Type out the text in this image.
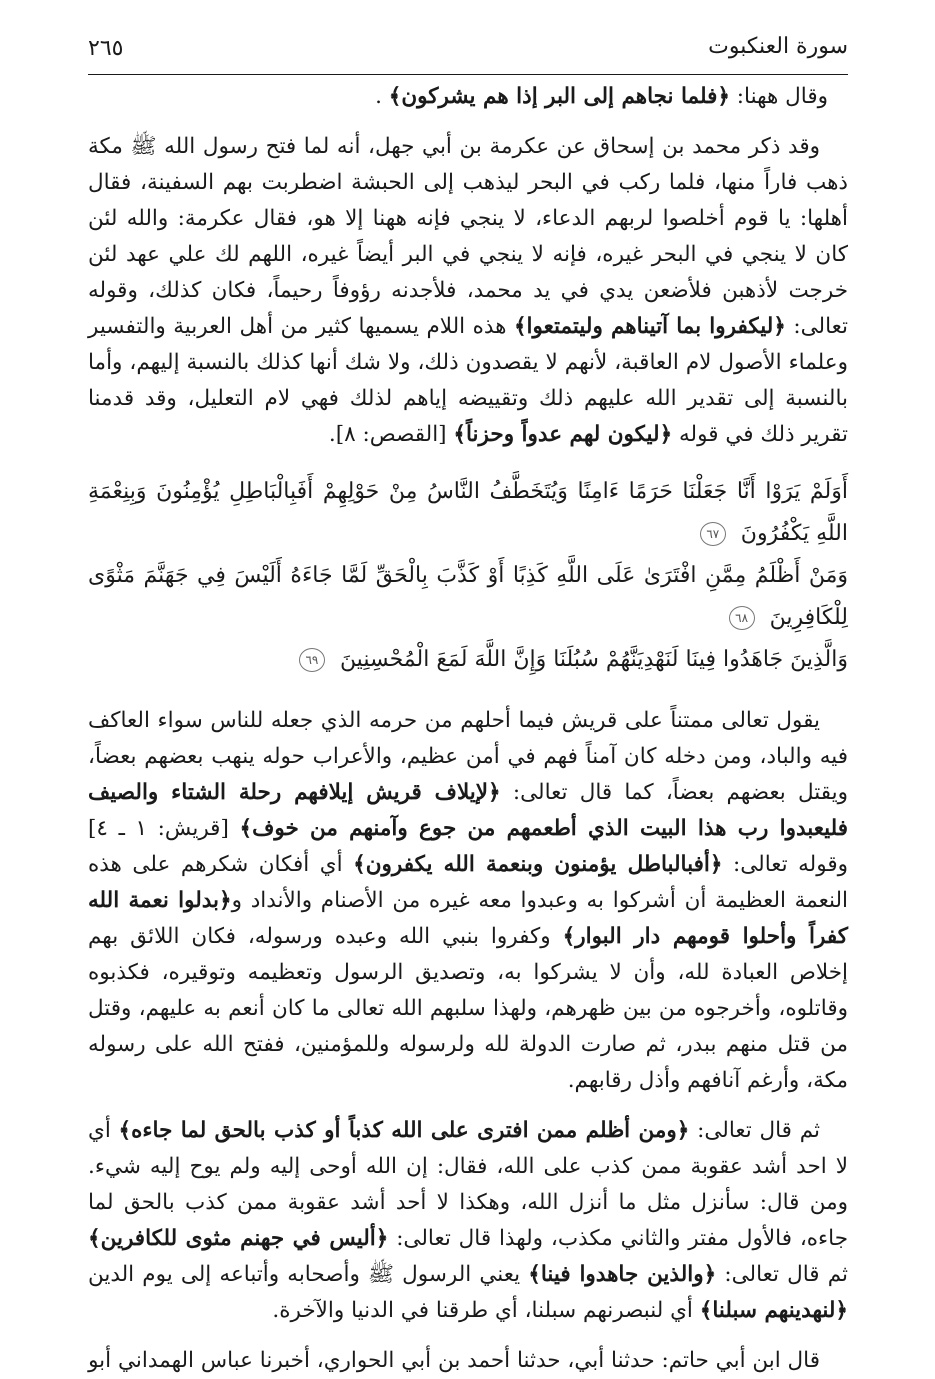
سورة العنكبوت
٢٦٥

وقال ههنا: ﴿فلما نجاهم إلى البر إذا هم يشركون﴾ .

وقد ذكر محمد بن إسحاق عن عكرمة بن أبي جهل، أنه لما فتح رسول الله ﷺ مكة ذهب فاراً منها، فلما ركب في البحر ليذهب إلى الحبشة اضطربت بهم السفينة، فقال أهلها: يا قوم أخلصوا لربهم الدعاء، لا ينجي فإنه ههنا إلا هو، فقال عكرمة: والله لئن كان لا ينجي في البحر غيره، فإنه لا ينجي في البر أيضاً غيره، اللهم لك علي عهد لئن خرجت لأذهبن فلأضعن يدي في يد محمد، فلأجدنه رؤوفاً رحيماً، فكان كذلك، وقوله تعالى: ﴿ليكفروا بما آتيناهم وليتمتعوا﴾ هذه اللام يسميها كثير من أهل العربية والتفسير وعلماء الأصول لام العاقبة، لأنهم لا يقصدون ذلك، ولا شك أنها كذلك بالنسبة إليهم، وأما بالنسبة إلى تقدير الله عليهم ذلك وتقييضه إياهم لذلك فهي لام التعليل، وقد قدمنا تقرير ذلك في قوله ﴿ليكون لهم عدواً وحزناً﴾ [القصص: ٨].

أَوَلَمْ يَرَوْا أَنَّا جَعَلْنَا حَرَمًا ءَامِنًا وَيُتَخَطَّفُ النَّاسُ مِنْ حَوْلِهِمْ أَفَبِالْبَاطِلِ يُؤْمِنُونَ وَبِنِعْمَةِ اللَّهِ يَكْفُرُونَ ٦٧
وَمَنْ أَظْلَمُ مِمَّنِ افْتَرَىٰ عَلَى اللَّهِ كَذِبًا أَوْ كَذَّبَ بِالْحَقِّ لَمَّا جَاءَهُ أَلَيْسَ فِي جَهَنَّمَ مَثْوًى لِلْكَافِرِينَ ٦٨
وَالَّذِينَ جَاهَدُوا فِينَا لَنَهْدِيَنَّهُمْ سُبُلَنَا وَإِنَّ اللَّهَ لَمَعَ الْمُحْسِنِينَ ٦٩

يقول تعالى ممتناً على قريش فيما أحلهم من حرمه الذي جعله للناس سواء العاكف فيه والباد، ومن دخله كان آمناً فهم في أمن عظيم، والأعراب حوله ينهب بعضهم بعضاً، ويقتل بعضهم بعضاً، كما قال تعالى: ﴿لإيلاف قريش إيلافهم رحلة الشتاء والصيف فليعبدوا رب هذا البيت الذي أطعمهم من جوع وآمنهم من خوف﴾ [قريش: ١ ـ ٤] وقوله تعالى: ﴿أفبالباطل يؤمنون وبنعمة الله يكفرون﴾ أي أفكان شكرهم على هذه النعمة العظيمة أن أشركوا به وعبدوا معه غيره من الأصنام والأنداد و﴿بدلوا نعمة الله كفراً وأحلوا قومهم دار البوار﴾ وكفروا بنبي الله وعبده ورسوله، فكان اللائق بهم إخلاص العبادة لله، وأن لا يشركوا به، وتصديق الرسول وتعظيمه وتوقيره، فكذبوه وقاتلوه، وأخرجوه من بين ظهرهم، ولهذا سلبهم الله تعالى ما كان أنعم به عليهم، وقتل من قتل منهم ببدر، ثم صارت الدولة لله ولرسوله وللمؤمنين، ففتح الله على رسوله مكة، وأرغم آنافهم وأذل رقابهم.

ثم قال تعالى: ﴿ومن أظلم ممن افترى على الله كذباً أو كذب بالحق لما جاءه﴾ أي لا احد أشد عقوبة ممن كذب على الله، فقال: إن الله أوحى إليه ولم يوح إليه شيء. ومن قال: سأنزل مثل ما أنزل الله، وهكذا لا أحد أشد عقوبة ممن كذب بالحق لما جاءه، فالأول مفتر والثاني مكذب، ولهذا قال تعالى: ﴿أليس في جهنم مثوى للكافرين﴾ ثم قال تعالى: ﴿والذين جاهدوا فينا﴾ يعني الرسول ﷺ وأصحابه وأتباعه إلى يوم الدين ﴿لنهدينهم سبلنا﴾ أي لنبصرنهم سبلنا، أي طرقنا في الدنيا والآخرة.

قال ابن أبي حاتم: حدثنا أبي، حدثنا أحمد بن أبي الحواري، أخبرنا عباس الهمداني أبو
